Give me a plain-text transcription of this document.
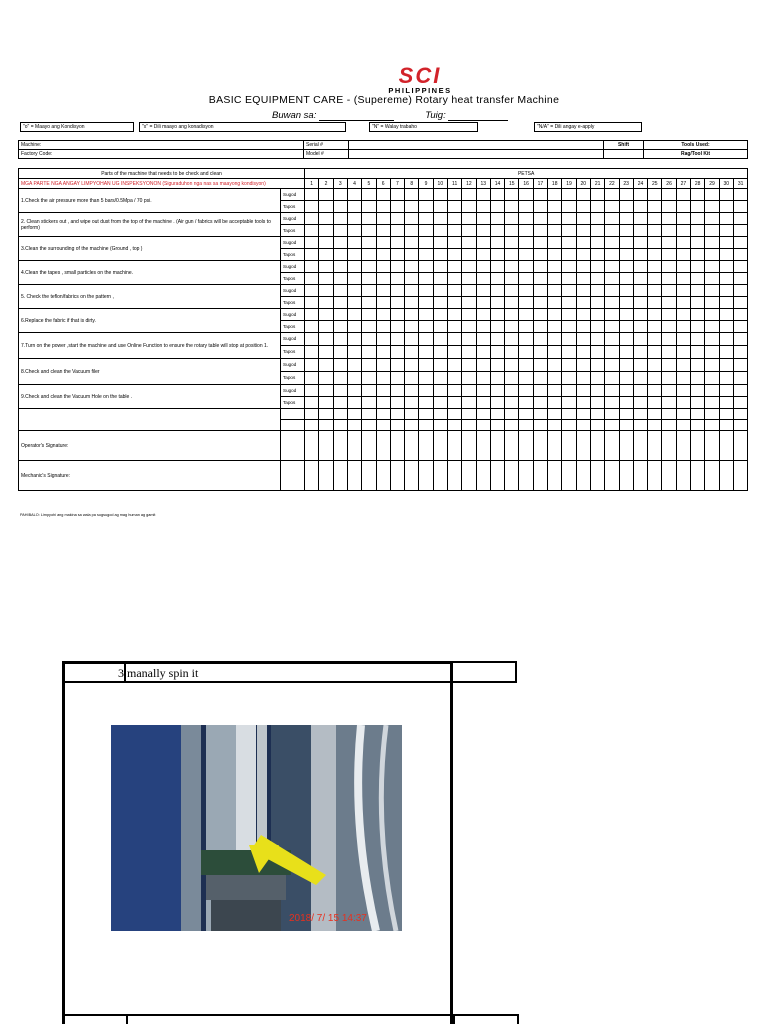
SCI
PHILIPPINES
BASIC EQUIPMENT CARE - (Supereme) Rotary heat transfer Machine
Buwan sa:	Tuig:
"o" = Maayo ang Kondisyon	"x" = Dili maayo ang konadisyon	"N" = Walay trabaho	"N/A" = Dili angay e-apply
Machine:	Serial #		Shift	Tools Used:
Factory Code:	Model #			Rag/Tool Kit
Parts of the machine that needs to be check and clean		PETSA																														
MGA PARTE NGA ANGAY LIMPYOHAN UG INSPEKSYONON (Siguraduhon nga nas sa maayong kondisyon)		1	2	3	4	5	6	7	8	9	10	11	12	13	14	15	16	17	18	19	20	21	22	23	24	25	26	27	28	29	30	31
1.Check the air pressure more than 5 bars/0.5Mpa / 70 psi.	Sugod																															
	Tapos																															
2. Clean stickers out , and wipe out dust from the top of the machine . (Air gun / fabrics will be acceptable tools to perform)	Sugod																															
	Tapos																															
3.Clean the surrounding of the machine (Ground , top )	Sugod																															
	Tapos																															
4.Clean the tapes , small particles on the machine.	Sugod																															
	Tapos																															
5. Check the teflon/fabrics on the pattern ,	Sugod																															
	Tapos																															
6.Replace the fabric if that is dirty.	Sugod																															
	Tapos																															
7.Turn on the power ,start the machine and use Online Function to ensure the rotary table will stop at position 1.	Sugod																															
	Tapos																															
8.Check and clean the Vacuum filer	Sugod																															
	Tapos																															
9.Check and clean the Vacuum Hole on the table .	Sugod																															
	Tapos																															

Operator's Signature:																																
Mechanic's Signature:																																
PAHIBALO: Limpyohi ang makina sa wala pa sugsugod ag mag human ag gamit
3 manally spin it
2018/ 7/ 15 14:37
